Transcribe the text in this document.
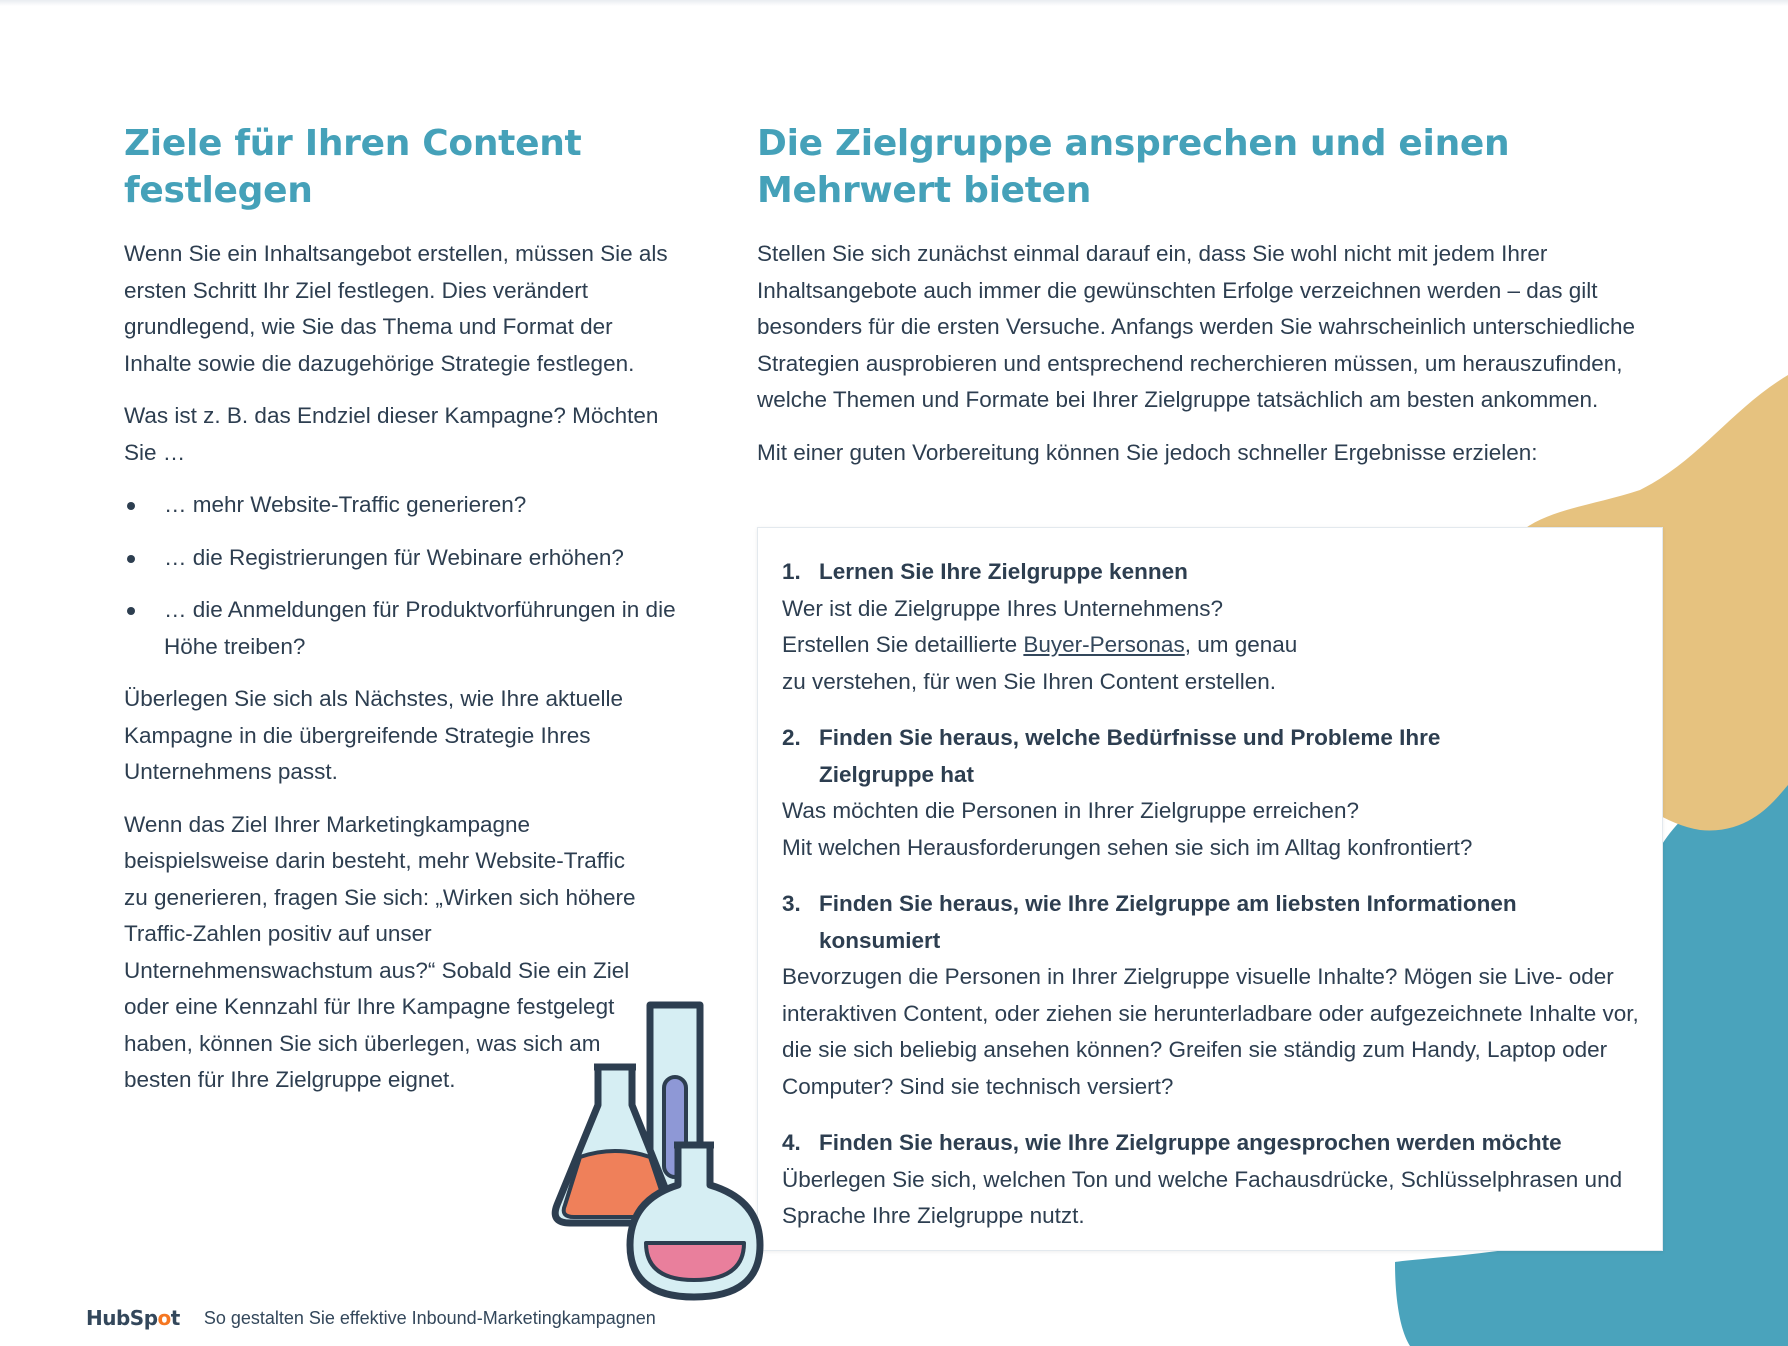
Ziele für Ihren Content festlegen

Wenn Sie ein Inhaltsangebot erstellen, müssen Sie als ersten Schritt Ihr Ziel festlegen. Dies verändert grundlegend, wie Sie das Thema und Format der Inhalte sowie die dazugehörige Strategie festlegen.

Was ist z. B. das Endziel dieser Kampagne? Möchten Sie …

… mehr Website-Traffic generieren?
… die Registrierungen für Webinare erhöhen?
… die Anmeldungen für Produktvorführungen in die Höhe treiben?

Überlegen Sie sich als Nächstes, wie Ihre aktuelle Kampagne in die übergreifende Strategie Ihres Unternehmens passt.

Wenn das Ziel Ihrer Marketingkampagne beispielsweise darin besteht, mehr Website-Traffic zu generieren, fragen Sie sich: „Wirken sich höhere Traffic-Zahlen positiv auf unser Unternehmenswachstum aus?“ Sobald Sie ein Ziel oder eine Kennzahl für Ihre Kampagne festgelegt haben, können Sie sich überlegen, was sich am besten für Ihre Zielgruppe eignet.

Die Zielgruppe ansprechen und einen Mehrwert bieten

Stellen Sie sich zunächst einmal darauf ein, dass Sie wohl nicht mit jedem Ihrer Inhaltsangebote auch immer die gewünschten Erfolge verzeichnen werden – das gilt besonders für die ersten Versuche. Anfangs werden Sie wahrscheinlich unterschiedliche Strategien ausprobieren und entsprechend recherchieren müssen, um herauszufinden, welche Themen und Formate bei Ihrer Zielgruppe tatsächlich am besten ankommen.

Mit einer guten Vorbereitung können Sie jedoch schneller Ergebnisse erzielen:

1. Lernen Sie Ihre Zielgruppe kennen
Wer ist die Zielgruppe Ihres Unternehmens?
Erstellen Sie detaillierte Buyer-Personas, um genau
zu verstehen, für wen Sie Ihren Content erstellen.
2. Finden Sie heraus, welche Bedürfnisse und Probleme Ihre Zielgruppe hat
Was möchten die Personen in Ihrer Zielgruppe erreichen?
Mit welchen Herausforderungen sehen sie sich im Alltag konfrontiert?
3. Finden Sie heraus, wie Ihre Zielgruppe am liebsten Informationen konsumiert
Bevorzugen die Personen in Ihrer Zielgruppe visuelle Inhalte? Mögen sie Live- oder interaktiven Content, oder ziehen sie herunterladbare oder aufgezeichnete Inhalte vor, die sie sich beliebig ansehen können? Greifen sie ständig zum Handy, Laptop oder Computer? Sind sie technisch versiert?
4. Finden Sie heraus, wie Ihre Zielgruppe angesprochen werden möchte
Überlegen Sie sich, welchen Ton und welche Fachausdrücke, Schlüsselphrasen und Sprache Ihre Zielgruppe nutzt.
HubSp o t So gestalten Sie effektive Inbound-Marketingkampagnen
